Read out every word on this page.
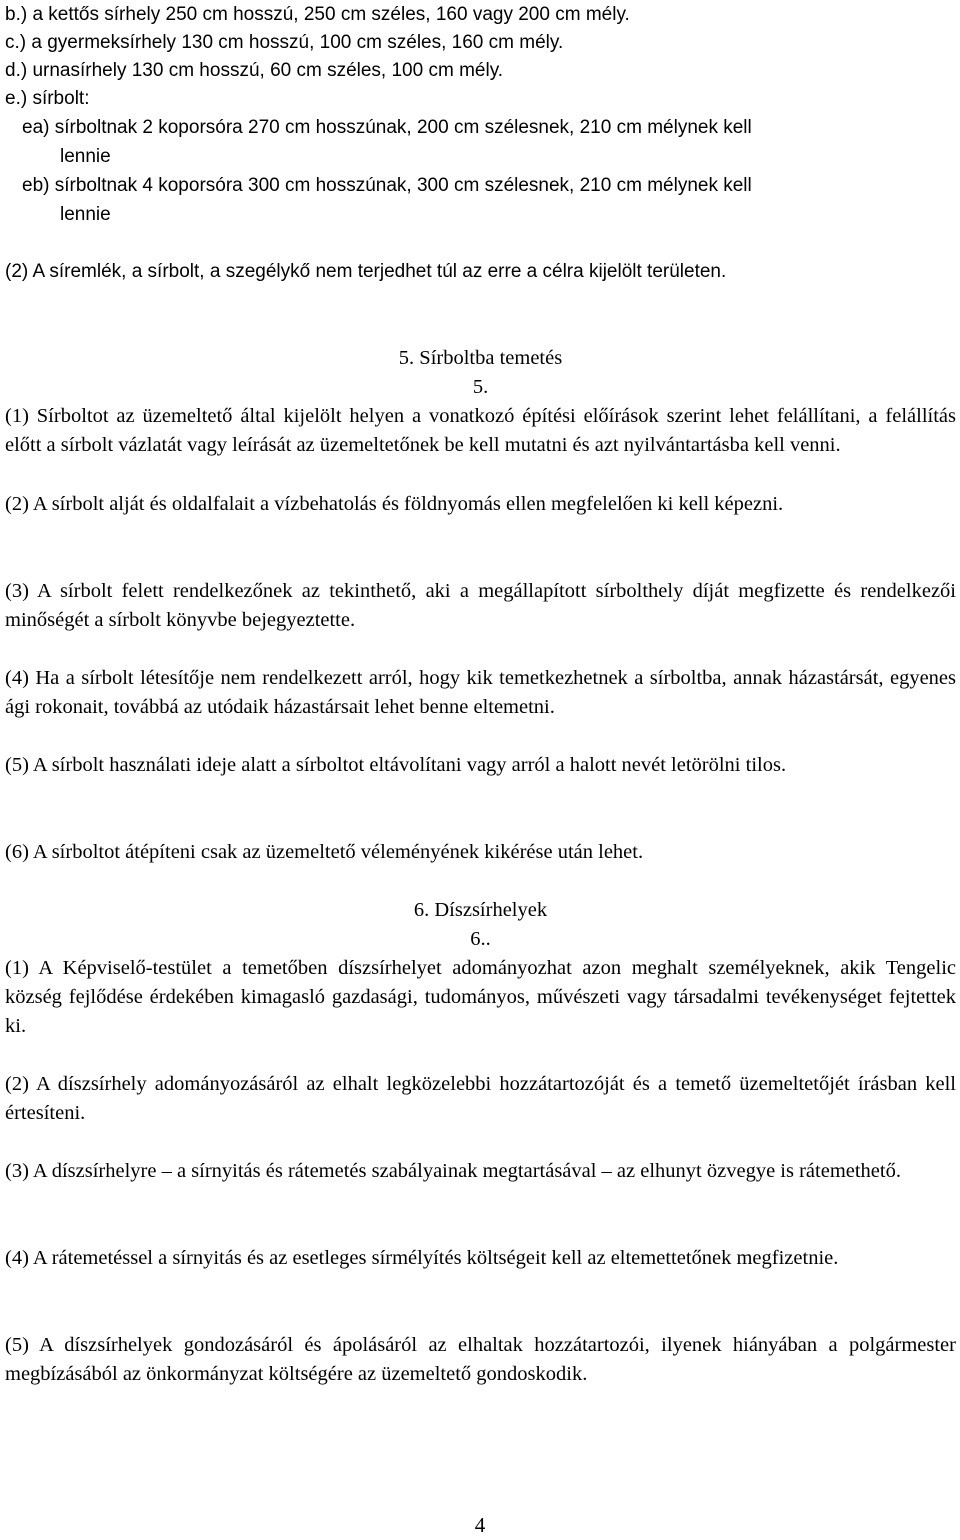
b.) a kettős sírhely 250 cm hosszú, 250 cm széles, 160 vagy 200 cm mély.
c.) a gyermeksírhely 130 cm hosszú, 100 cm széles, 160 cm mély.
d.) urnasírhely 130 cm hosszú, 60 cm széles, 100 cm mély.
e.) sírbolt:
ea) sírboltnak 2 koporsóra 270 cm hosszúnak, 200 cm szélesnek, 210 cm mélynek kell
lennie
eb) sírboltnak 4 koporsóra 300 cm hosszúnak, 300 cm szélesnek, 210 cm mélynek kell
lennie
(2) A síremlék, a sírbolt, a szegélykő nem terjedhet túl az erre a célra kijelölt területen.
5. Sírboltba temetés
5.
(1) Sírboltot az üzemeltető által kijelölt helyen a vonatkozó építési előírások szerint lehet felállítani, a felállítás előtt a sírbolt vázlatát vagy leírását az üzemeltetőnek be kell mutatni és azt nyilvántartásba kell venni.
(2) A sírbolt alját és oldalfalait a vízbehatolás és földnyomás ellen megfelelően ki kell képezni.
(3) A sírbolt felett rendelkezőnek az tekinthető, aki a megállapított sírbolthely díját megfizette és rendelkezői minőségét a sírbolt könyvbe bejegyeztette.
(4) Ha a sírbolt létesítője nem rendelkezett arról, hogy kik temetkezhetnek a sírboltba, annak házastársát, egyenes ági rokonait, továbbá az utódaik házastársait lehet benne eltemetni.
(5) A sírbolt használati ideje alatt a sírboltot eltávolítani vagy arról a halott nevét letörölni tilos.
(6) A sírboltot átépíteni csak az üzemeltető véleményének kikérése után lehet.
6. Díszsírhelyek
6..
(1) A Képviselő-testület a temetőben díszsírhelyet adományozhat azon meghalt személyeknek, akik Tengelic község fejlődése érdekében kimagasló gazdasági, tudományos, művészeti vagy társadalmi tevékenységet fejtettek ki.
(2) A díszsírhely adományozásáról az elhalt legközelebbi hozzátartozóját és a temető üzemeltetőjét írásban kell értesíteni.
(3) A díszsírhelyre – a sírnyitás és rátemetés szabályainak megtartásával – az elhunyt özvegye is rátemethető.
(4) A rátemetéssel a sírnyitás és az esetleges sírmélyítés költségeit kell az eltemettetőnek megfizetnie.
(5) A díszsírhelyek gondozásáról és ápolásáról az elhaltak hozzátartozói, ilyenek hiányában a polgármester megbízásából az önkormányzat költségére az üzemeltető gondoskodik.
4
